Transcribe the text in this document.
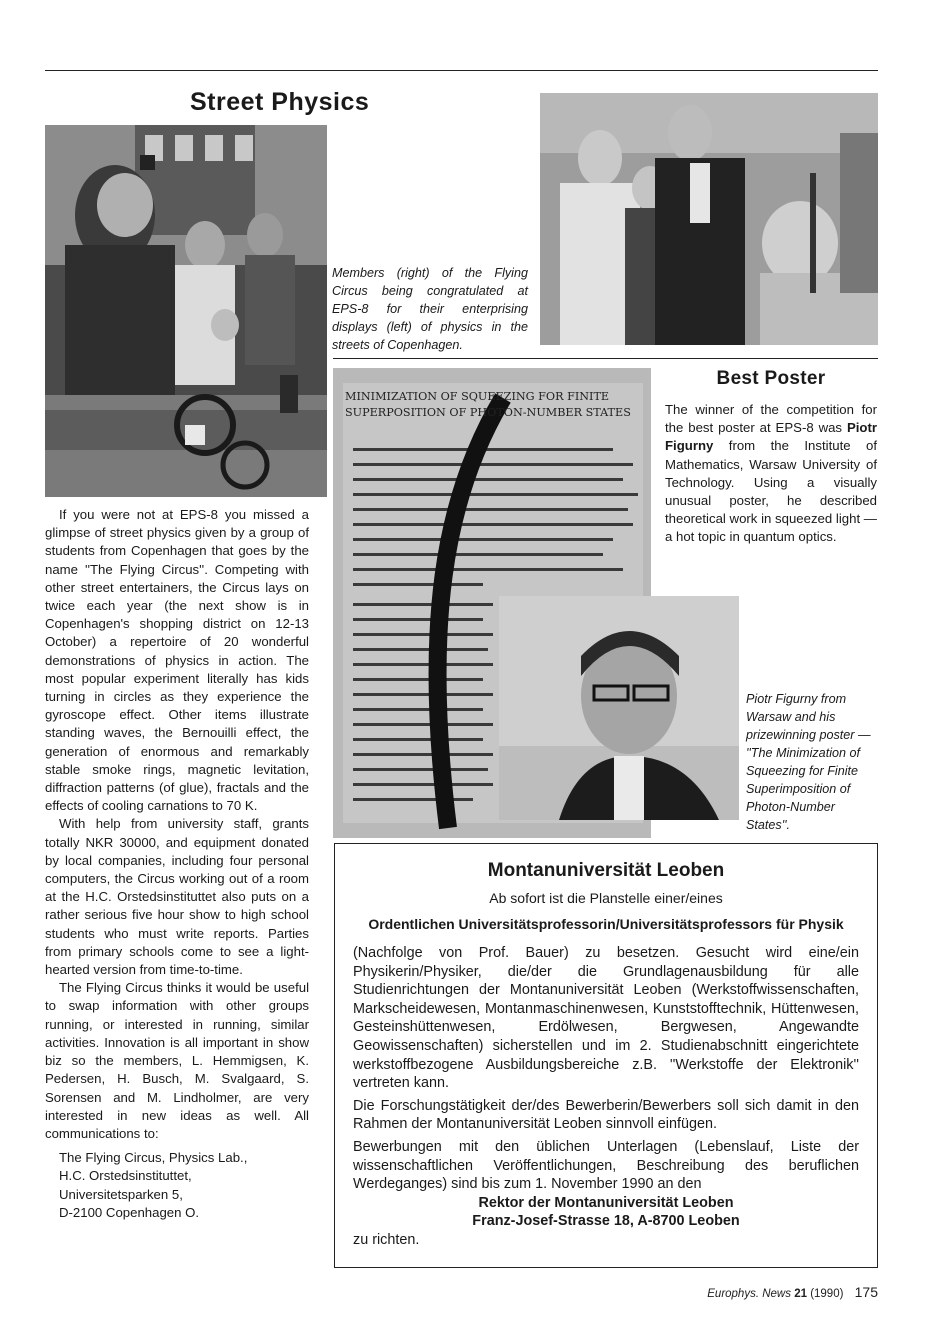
Street Physics
Members (right) of the Flying Circus being congratulated at EPS-8 for their enterprising displays (left) of physics in the streets of Copenhagen.
MINIMIZATION OF SQUEEZING FOR FINITE
SUPERPOSITION OF PHOTON-NUMBER STATES
Best Poster
The winner of the competition for the best poster at EPS-8 was Piotr Figurny from the Institute of Mathematics, Warsaw University of Technology. Using a visually unusual poster, he described theoretical work in squeezed light — a hot topic in quantum optics.
Piotr Figurny from Warsaw and his prizewinning poster — ''The Minimization of Squeezing for Finite Superimposition of Photon-Number States''.

If you were not at EPS-8 you missed a glimpse of street physics given by a group of students from Copenhagen that goes by the name ''The Flying Circus''. Competing with other street entertainers, the Circus lays on twice each year (the next show is in Copenhagen's shopping district on 12-13 October) a repertoire of 20 wonderful demonstrations of physics in action. The most popular experiment literally has kids turning in circles as they experience the gyroscope effect. Other items illustrate standing waves, the Bernouilli effect, the generation of enormous and remarkably stable smoke rings, magnetic levitation, diffraction patterns (of glue), fractals and the effects of cooling carnations to 70 K.

With help from university staff, grants totally NKR 30000, and equipment donated by local companies, including four personal computers, the Circus working out of a room at the H.C. Orstedsinstituttet also puts on a rather serious five hour show to high school students who must write reports. Parties from primary schools come to see a light-hearted version from time-to-time.

The Flying Circus thinks it would be useful to swap information with other groups running, or interested in running, similar activities. Innovation is all important in show biz so the members, L. Hemmigsen, K. Pedersen, H. Busch, M. Svalgaard, S. Sorensen and M. Lindholmer, are very interested in new ideas as well. All communications to:

The Flying Circus, Physics Lab.,
H.C. Orstedsinstituttet,
Universitetsparken 5,
D-2100 Copenhagen O.
Montanuniversität Leoben
Ab sofort ist die Planstelle einer/eines
Ordentlichen Universitätsprofessorin/Universitätsprofessors für Physik

(Nachfolge von Prof. Bauer) zu besetzen. Gesucht wird eine/ein Physikerin/Physiker, die/der die Grundlagenausbildung für alle Studienrichtungen der Montanuniversität Leoben (Werkstoffwissenschaften, Markscheidewesen, Montanmaschinenwesen, Kunststofftechnik, Hüttenwesen, Gesteinshüttenwesen, Erdölwesen, Bergwesen, Angewandte Geowissenschaften) sicherstellen und im 2. Studienabschnitt eingerichtete werkstoffbezogene Ausbildungsbereiche z.B. ''Werkstoffe der Elektronik'' vertreten kann.

Die Forschungstätigkeit der/des Bewerberin/Bewerbers soll sich damit in den Rahmen der Montanuniversität Leoben sinnvoll einfügen.

Bewerbungen mit den üblichen Unterlagen (Lebenslauf, Liste der wissenschaftlichen Veröffentlichungen, Beschreibung des beruflichen Werdeganges) sind bis zum 1. November 1990 an den

Rektor der Montanuniversität Leoben
Franz-Josef-Strasse 18, A-8700 Leoben
zu richten.
Europhys. News 21 (1990) 175
